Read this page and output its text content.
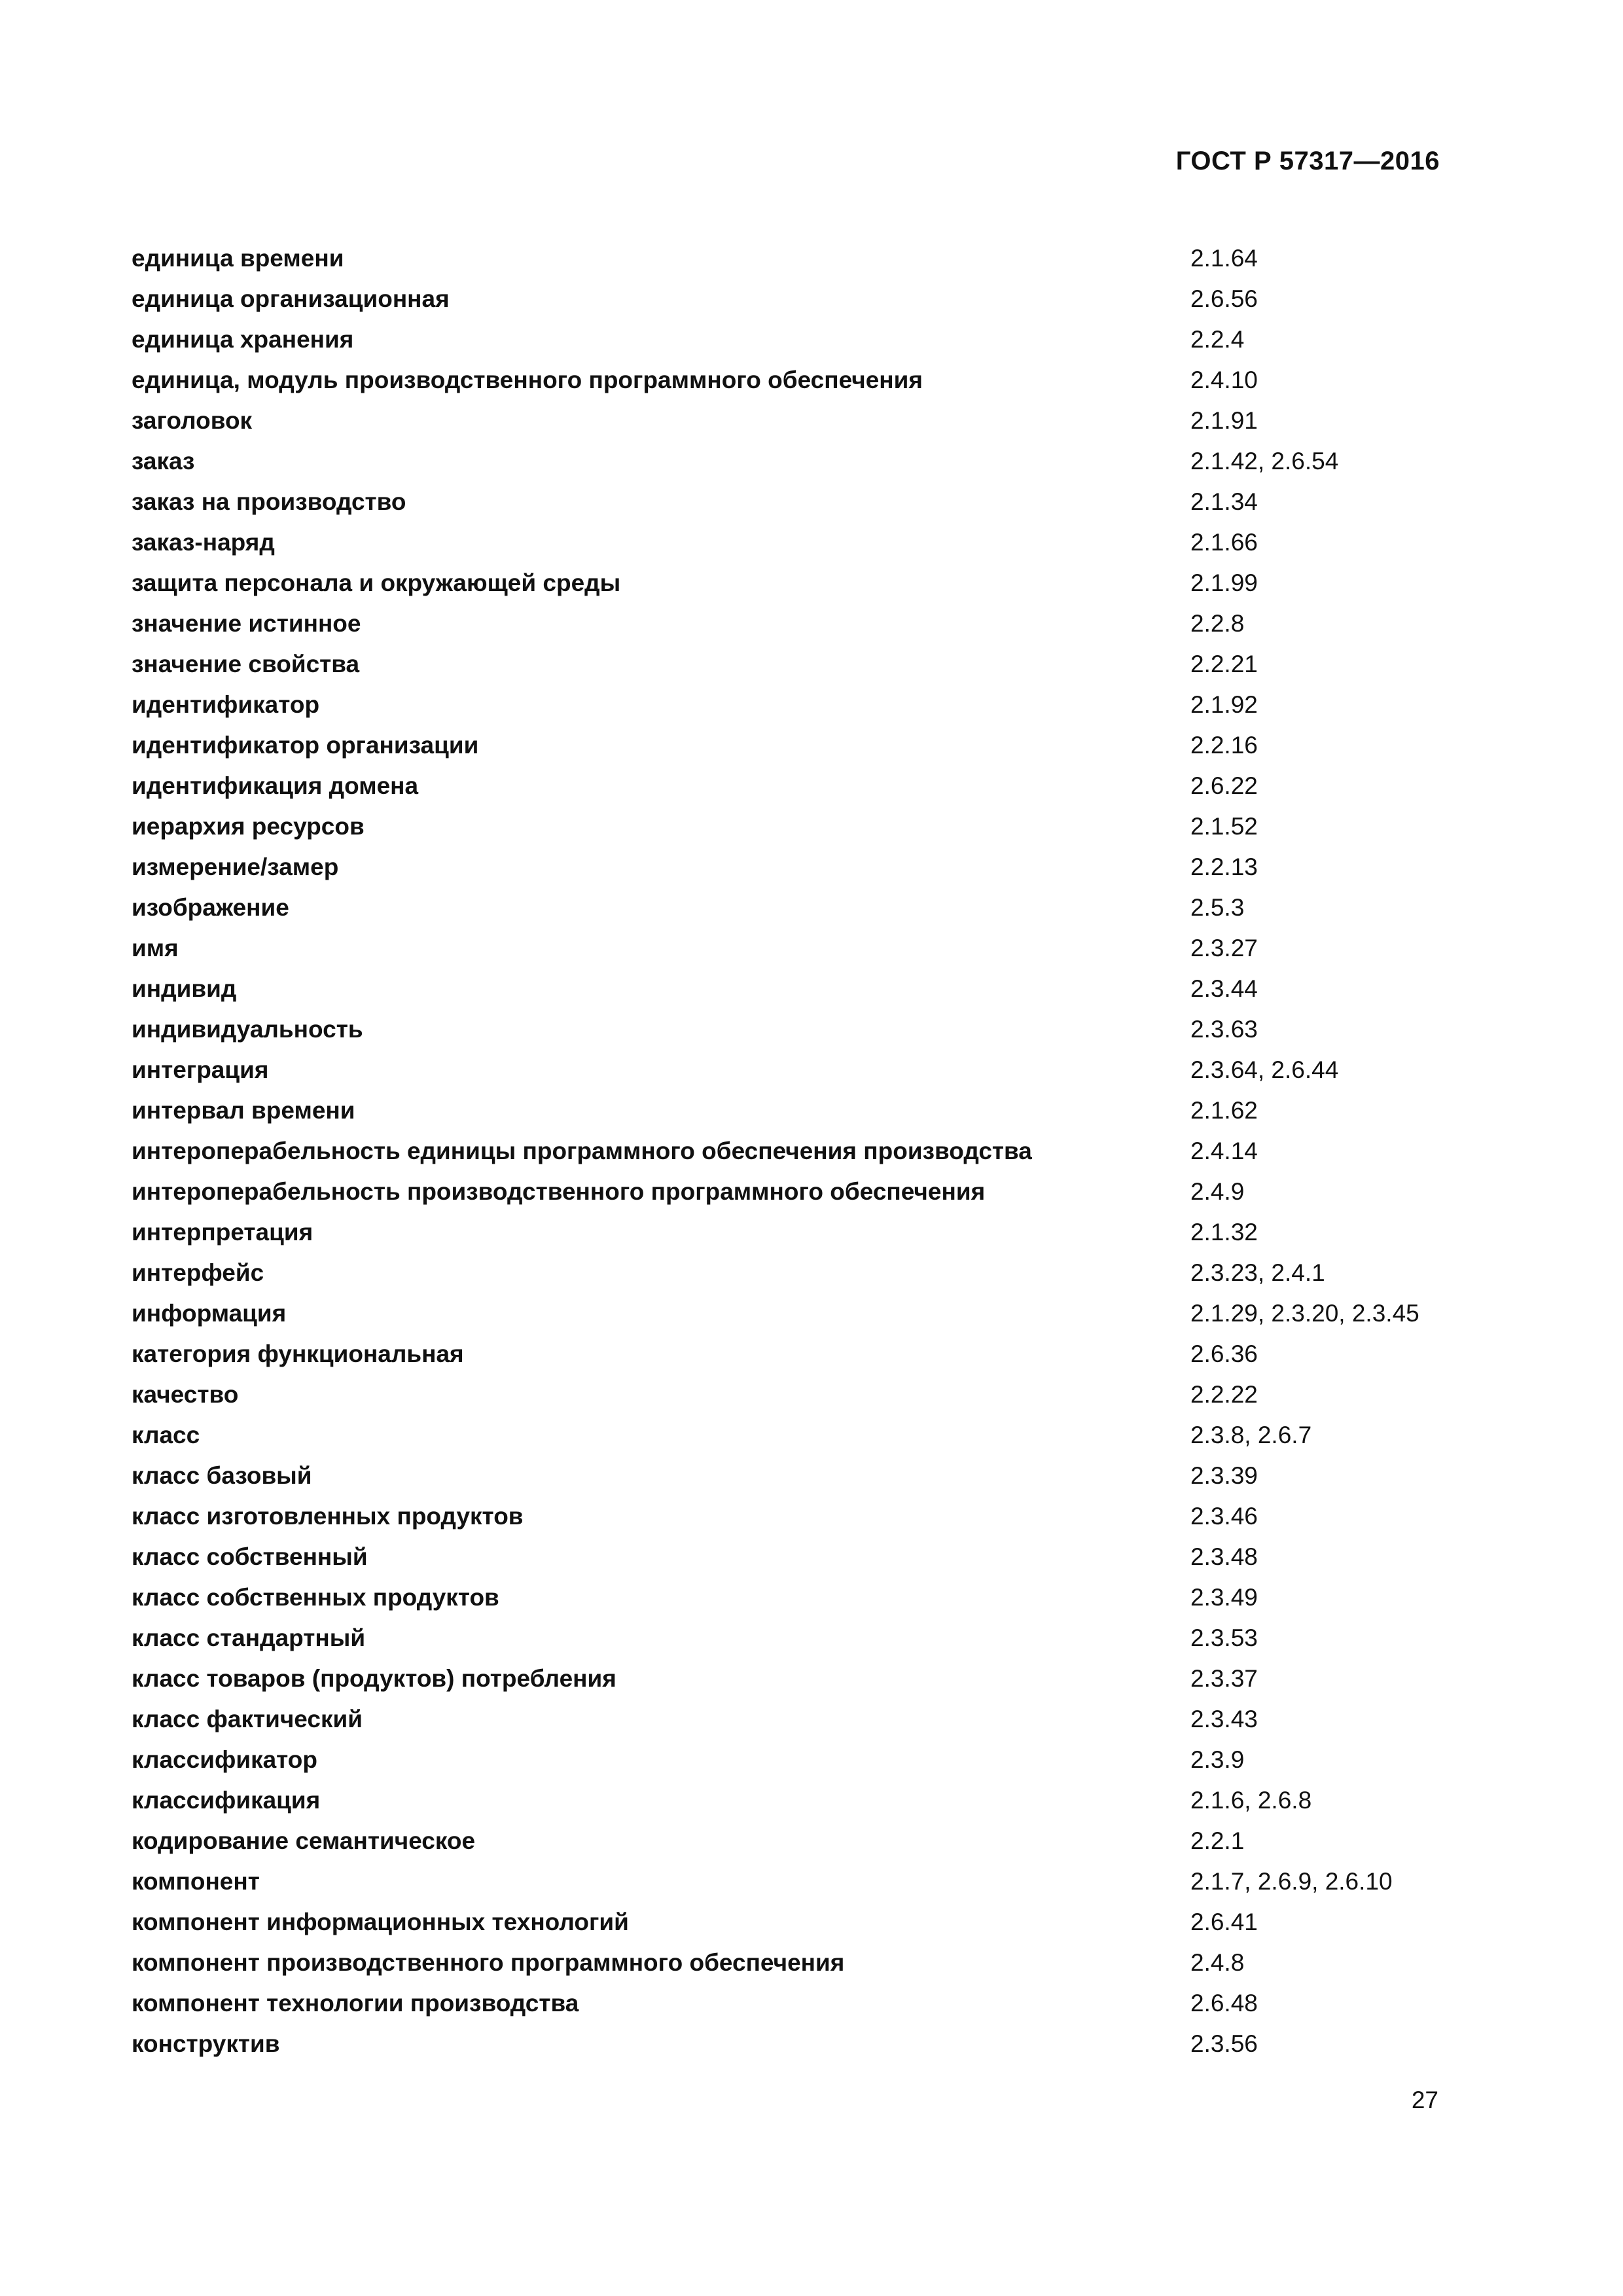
ГОСТ Р 57317—2016
единица времени	2.1.64
единица организационная	2.6.56
единица хранения	2.2.4
единица, модуль производственного программного обеспечения	2.4.10
заголовок	2.1.91
заказ	2.1.42, 2.6.54
заказ на производство	2.1.34
заказ-наряд	2.1.66
защита персонала и окружающей среды	2.1.99
значение истинное	2.2.8
значение свойства	2.2.21
идентификатор	2.1.92
идентификатор организации	2.2.16
идентификация домена	2.6.22
иерархия ресурсов	2.1.52
измерение/замер	2.2.13
изображение	2.5.3
имя	2.3.27
индивид	2.3.44
индивидуальность	2.3.63
интеграция	2.3.64, 2.6.44
интервал времени	2.1.62
интероперабельность единицы программного обеспечения производства	2.4.14
интероперабельность производственного программного обеспечения	2.4.9
интерпретация	2.1.32
интерфейс	2.3.23, 2.4.1
информация	2.1.29, 2.3.20, 2.3.45
категория функциональная	2.6.36
качество	2.2.22
класс	2.3.8, 2.6.7
класс базовый	2.3.39
класс изготовленных продуктов	2.3.46
класс собственный	2.3.48
класс собственных продуктов	2.3.49
класс стандартный	2.3.53
класс товаров (продуктов) потребления	2.3.37
класс фактический	2.3.43
классификатор	2.3.9
классификация	2.1.6, 2.6.8
кодирование семантическое	2.2.1
компонент	2.1.7, 2.6.9, 2.6.10
компонент информационных технологий	2.6.41
компонент производственного программного обеспечения	2.4.8
компонент технологии производства	2.6.48
конструктив	2.3.56
27
